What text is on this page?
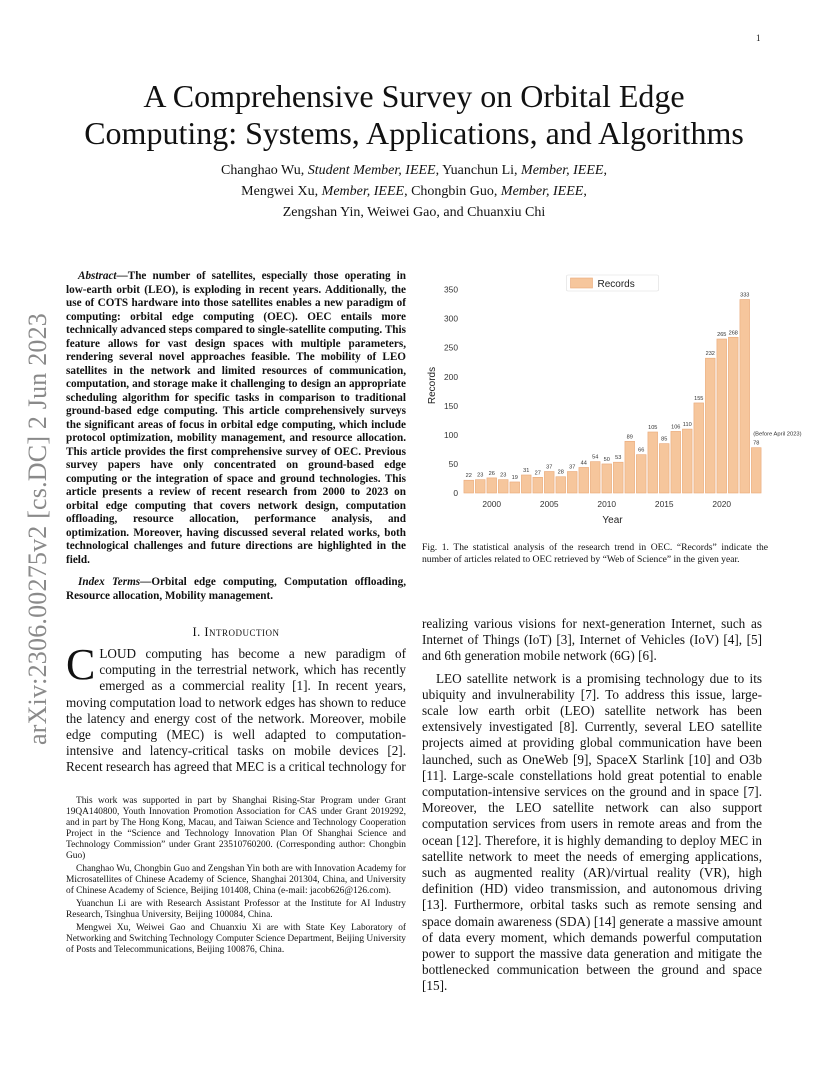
1
arXiv:2306.00275v2 [cs.DC] 2 Jun 2023
A Comprehensive Survey on Orbital Edge
Computing: Systems, Applications, and Algorithms
Changhao Wu, Student Member, IEEE, Yuanchun Li, Member, IEEE,
Mengwei Xu, Member, IEEE, Chongbin Guo, Member, IEEE,
Zengshan Yin, Weiwei Gao, and Chuanxiu Chi

Abstract—The number of satellites, especially those operating in low-earth orbit (LEO), is exploding in recent years. Additionally, the use of COTS hardware into those satellites enables a new paradigm of computing: orbital edge computing (OEC). OEC entails more technically advanced steps compared to single-satellite computing. This feature allows for vast design spaces with multiple parameters, rendering several novel approaches feasible. The mobility of LEO satellites in the network and limited resources of communication, computation, and storage make it challenging to design an appropriate scheduling algorithm for specific tasks in comparison to traditional ground-based edge computing. This article comprehensively surveys the significant areas of focus in orbital edge computing, which include protocol optimization, mobility management, and resource allocation. This article provides the first comprehensive survey of OEC. Previous survey papers have only concentrated on ground-based edge computing or the integration of space and ground technologies. This article presents a review of recent research from 2000 to 2023 on orbital edge computing that covers network design, computation offloading, resource allocation, performance analysis, and optimization. Moreover, having discussed several related works, both technological challenges and future directions are highlighted in the field.

Index Terms—Orbital edge computing, Computation offloading, Resource allocation, Mobility management.

I. Introduction

CLOUD computing has become a new paradigm of computing in the terrestrial network, which has recently emerged as a commercial reality [1]. In recent years, moving computation load to network edges has shown to reduce the latency and energy cost of the network. Moreover, mobile edge computing (MEC) is well adapted to computation-intensive and latency-critical tasks on mobile devices [2]. Recent research has agreed that MEC is a critical technology for

This work was supported in part by Shanghai Rising-Star Program under Grant 19QA140800, Youth Innovation Promotion Association for CAS under Grant 2019292, and in part by The Hong Kong, Macau, and Taiwan Science and Technology Cooperation Project in the “Science and Technology Innovation Plan Of Shanghai Science and Technology Commission” under Grant 23510760200. (Corresponding author: Chongbin Guo)

Changhao Wu, Chongbin Guo and Zengshan Yin both are with Innovation Academy for Microsatellites of Chinese Academy of Science, Shanghai 201304, China, and University of Chinese Academy of Science, Beijing 101408, China (e-mail: jacob626@126.com).

Yuanchun Li are with Research Assistant Professor at the Institute for AI Industry Research, Tsinghua University, Beijing 100084, China.

Mengwei Xu, Weiwei Gao and Chuanxiu Xi are with State Key Laboratory of Networking and Switching Technology Computer Science Department, Beijing University of Posts and Telecommunications, Beijing 100876, China.

22 23 26 23 19
31 27
37
28
37
44
54 50 53
89
66
105
85
106 110
155
232
265 268
333
78
(Before April 2023)
0
50
100
150
200
250
300
350
2000	2005	2010	2015	2020
Year
Records
Records
Fig. 1. The statistical analysis of the research trend in OEC. “Records” indicate the number of articles related to OEC retrieved by “Web of Science” in the given year.

realizing various visions for next-generation Internet, such as Internet of Things (IoT) [3], Internet of Vehicles (IoV) [4], [5] and 6th generation mobile network (6G) [6].

LEO satellite network is a promising technology due to its ubiquity and invulnerability [7]. To address this issue, large-scale low earth orbit (LEO) satellite network has been extensively investigated [8]. Currently, several LEO satellite projects aimed at providing global communication have been launched, such as OneWeb [9], SpaceX Starlink [10] and O3b [11]. Large-scale constellations hold great potential to enable computation-intensive services on the ground and in space [7]. Moreover, the LEO satellite network can also support computation services from users in remote areas and from the ocean [12]. Therefore, it is highly demanding to deploy MEC in satellite network to meet the needs of emerging applications, such as augmented reality (AR)/virtual reality (VR), high definition (HD) video transmission, and autonomous driving [13]. Furthermore, orbital tasks such as remote sensing and space domain awareness (SDA) [14] generate a massive amount of data every moment, which demands powerful computation power to support the massive data generation and mitigate the bottlenecked communication between the ground and space [15].
